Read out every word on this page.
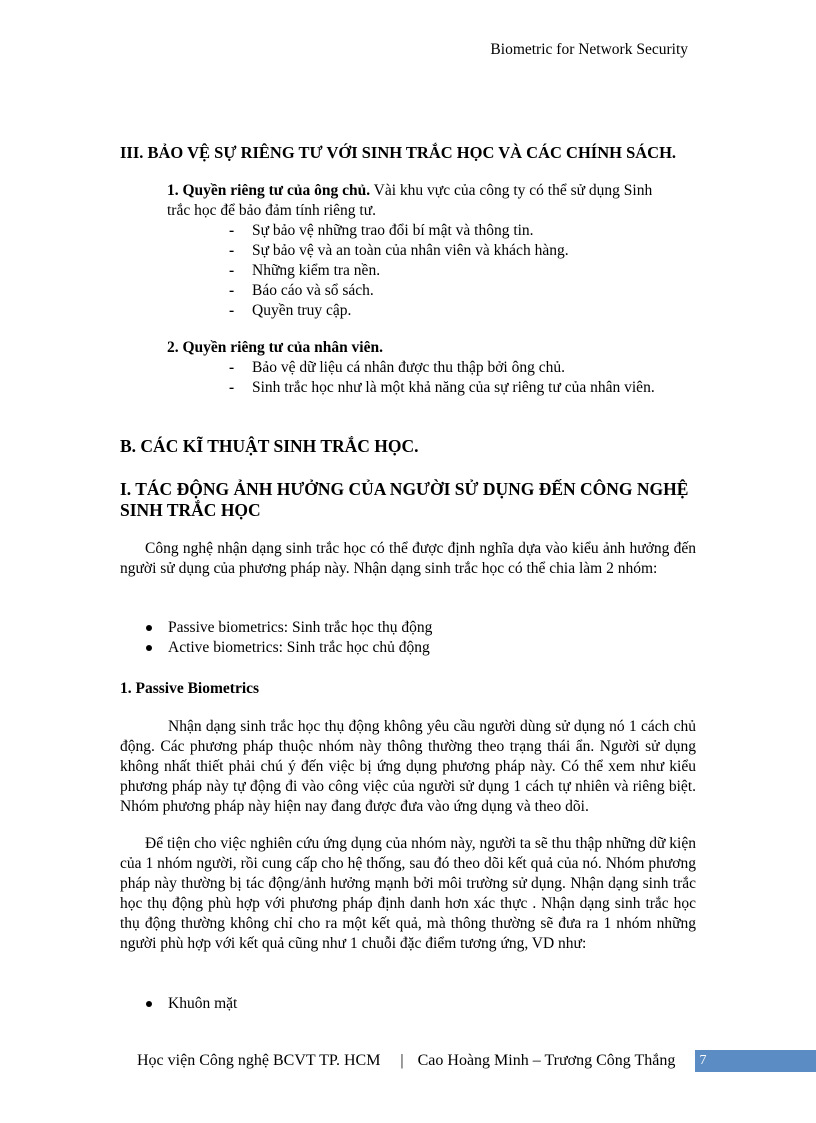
Biometric for Network Security
III. BẢO VỆ SỰ RIÊNG TƯ VỚI SINH TRẮC HỌC VÀ CÁC CHÍNH SÁCH.
1. Quyền riêng tư của ông chủ. Vài khu vực của công ty có thể sử dụng Sinh
trắc học để bảo đảm tính riêng tư.
- Sự bảo vệ những trao đổi bí mật và thông tin.
- Sự bảo vệ và an toàn của nhân viên và khách hàng.
- Những kiểm tra nền.
- Báo cáo và sổ sách.
- Quyền truy cập.
2. Quyền riêng tư của nhân viên.
- Bảo vệ dữ liệu cá nhân được thu thập bởi ông chủ.
- Sinh trắc học như là một khả năng của sự riêng tư của nhân viên.
B. CÁC KĨ THUẬT SINH TRẮC HỌC.
I. TÁC ĐỘNG ẢNH HƯỞNG CỦA NGƯỜI SỬ DỤNG ĐẾN CÔNG NGHỆ
SINH TRẮC HỌC
Công nghệ nhận dạng sinh trắc học có thể được định nghĩa dựa vào kiểu ảnh hưởng đến người sử dụng của phương pháp này. Nhận dạng sinh trắc học có thể chia làm 2 nhóm:
Passive biometrics: Sinh trắc học thụ động
Active biometrics: Sinh trắc học chủ động
1. Passive Biometrics
Nhận dạng sinh trắc học thụ động không yêu cầu người dùng sử dụng nó 1 cách chủ động. Các phương pháp thuộc nhóm này thông thường theo trạng thái ẩn. Người sử dụng không nhất thiết phải chú ý đến việc bị ứng dụng phương pháp này. Có thể xem như kiểu phương pháp này tự động đi vào công việc của người sử dụng 1 cách tự nhiên và riêng biệt. Nhóm phương pháp này hiện nay đang được đưa vào ứng dụng và theo dõi.
Để tiện cho việc nghiên cứu ứng dụng của nhóm này, người ta sẽ thu thập những dữ kiện của 1 nhóm người, rồi cung cấp cho hệ thống, sau đó theo dõi kết quả của nó. Nhóm phương pháp này thường bị tác động/ảnh hưởng mạnh bởi môi trường sử dụng. Nhận dạng sinh trắc học thụ động phù hợp với phương pháp định danh hơn xác thực . Nhận dạng sinh trắc học thụ động thường không chỉ cho ra một kết quả, mà thông thường sẽ đưa ra 1 nhóm những người phù hợp với kết quả cũng như 1 chuỗi đặc điểm tương ứng, VD như:
Khuôn mặt
Học viện Công nghệ BCVT TP. HCM | Cao Hoàng Minh – Trương Công Thắng	7
